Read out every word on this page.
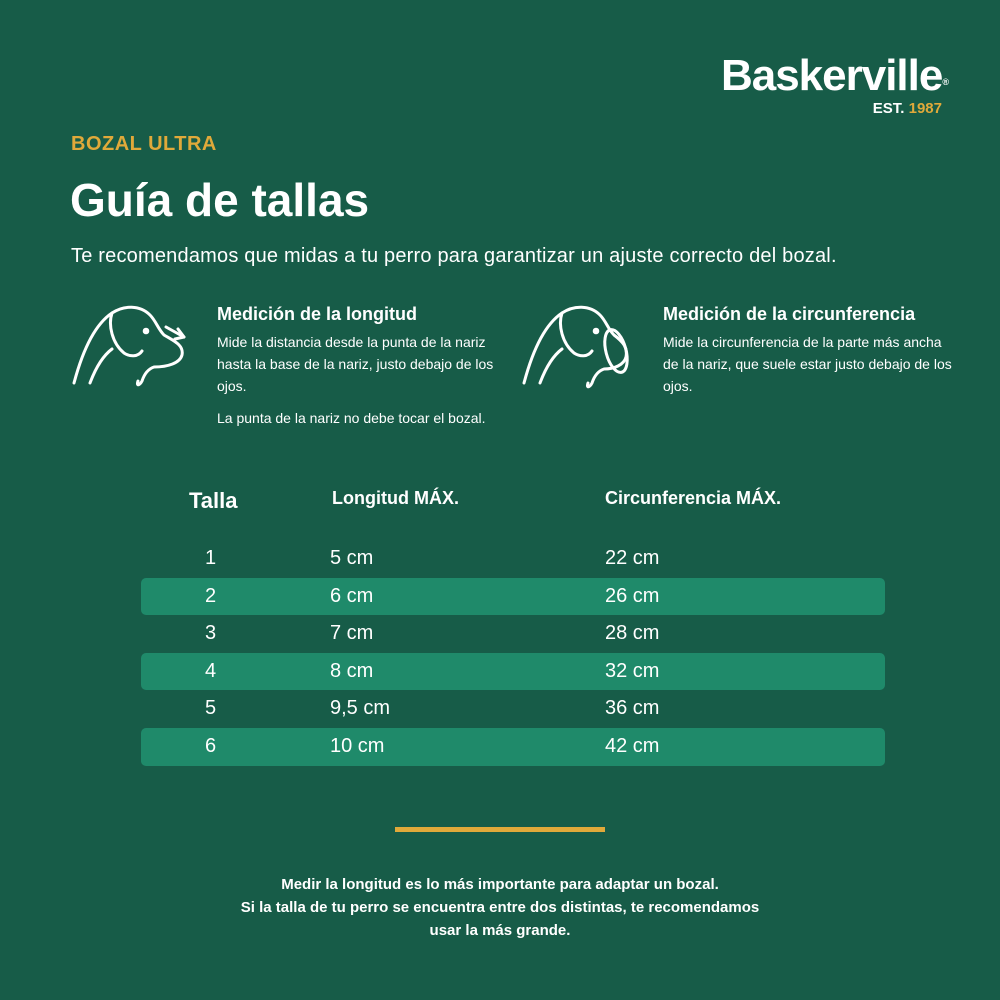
Baskerville®
EST. 1987
BOZAL ULTRA
Guía de tallas
Te recomendamos que midas a tu perro para garantizar un ajuste correcto del bozal.
Medición de la longitud

Mide la distancia desde la punta de la nariz hasta la base de la nariz, justo debajo de los ojos.

La punta de la nariz no debe tocar el bozal.

Medición de la circunferencia

Mide la circunferencia de la parte más ancha de la nariz, que suele estar justo debajo de los ojos.

Talla	Longitud MÁX.	Circunferencia MÁX.
1	5 cm	22 cm
2	6 cm	26 cm
3	7 cm	28 cm
4	8 cm	32 cm
5	9,5 cm	36 cm
6	10 cm	42 cm
Medir la longitud es lo más importante para adaptar un bozal.
Si la talla de tu perro se encuentra entre dos distintas, te recomendamos
usar la más grande.
